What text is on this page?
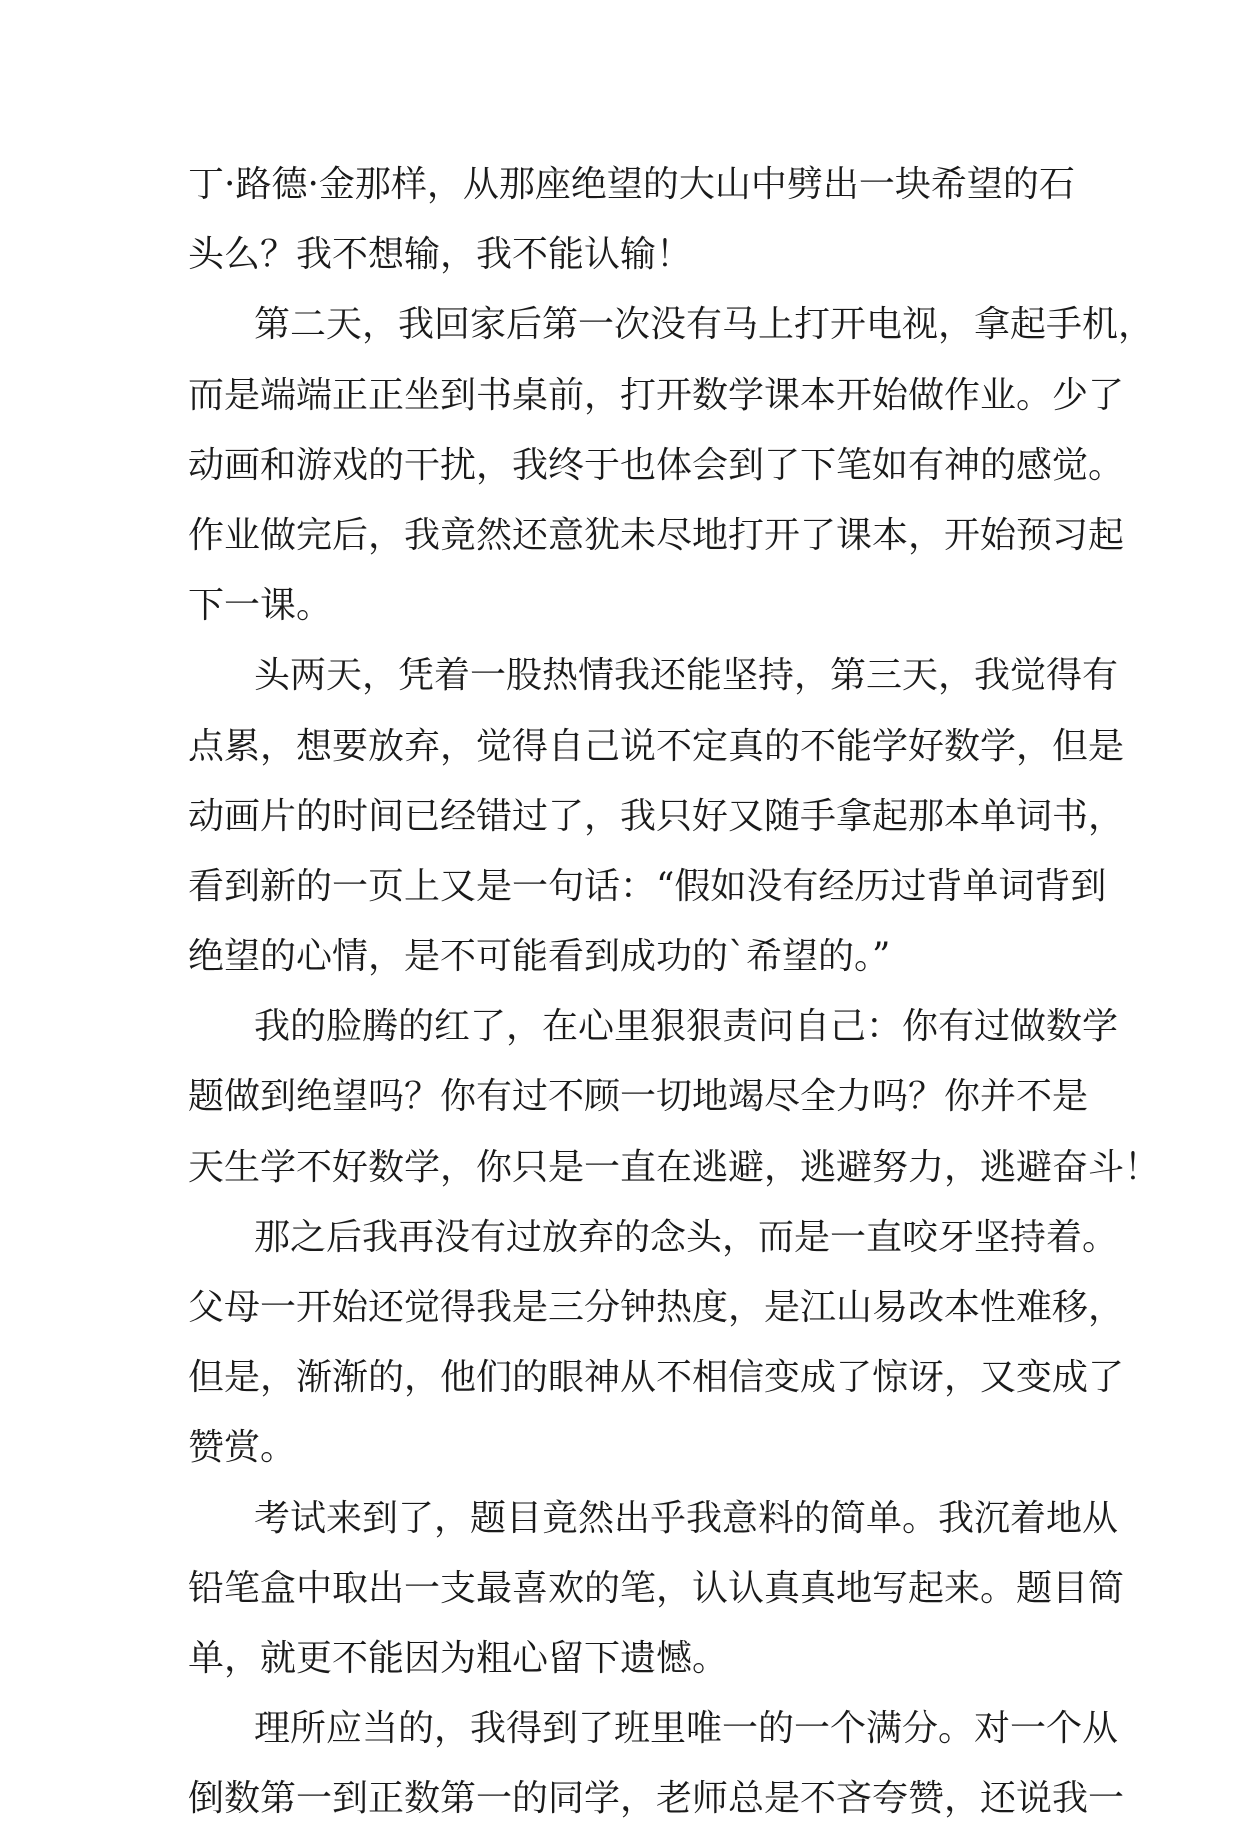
丁·路德·金那样，从那座绝望的大山中劈出一块希望的石
头么？我不想输，我不能认输！
第二天，我回家后第一次没有马上打开电视，拿起手机，
而是端端正正坐到书桌前，打开数学课本开始做作业。少了
动画和游戏的干扰，我终于也体会到了下笔如有神的感觉。
作业做完后，我竟然还意犹未尽地打开了课本，开始预习起
下一课。
头两天，凭着一股热情我还能坚持，第三天，我觉得有
点累，想要放弃，觉得自己说不定真的不能学好数学，但是
动画片的时间已经错过了，我只好又随手拿起那本单词书，
看到新的一页上又是一句话：“假如没有经历过背单词背到
绝望的心情，是不可能看到成功的`希望的。”
我的脸腾的红了，在心里狠狠责问自己：你有过做数学
题做到绝望吗？你有过不顾一切地竭尽全力吗？你并不是
天生学不好数学，你只是一直在逃避，逃避努力，逃避奋斗！
那之后我再没有过放弃的念头，而是一直咬牙坚持着。
父母一开始还觉得我是三分钟热度，是江山易改本性难移，
但是，渐渐的，他们的眼神从不相信变成了惊讶，又变成了
赞赏。
考试来到了，题目竟然出乎我意料的简单。我沉着地从
铅笔盒中取出一支最喜欢的笔，认认真真地写起来。题目简
单，就更不能因为粗心留下遗憾。
理所应当的，我得到了班里唯一的一个满分。对一个从
倒数第一到正数第一的同学，老师总是不吝夸赞，还说我一
